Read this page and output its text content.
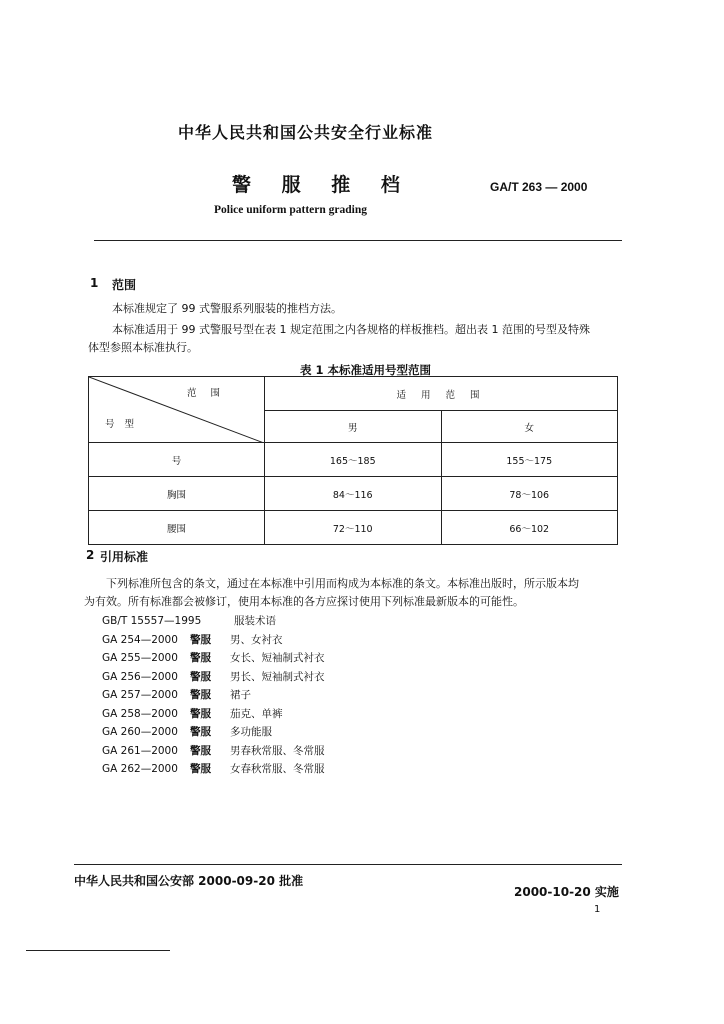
中华人民共和国公共安全行业标准
警 服 推 档	GA/T 263 — 2000
Police uniform pattern grading
1 范围
本标准规定了 99 式警服系列服装的推档方法。
本标准适用于 99 式警服号型在表 1 规定范围之内各规格的样板推档。超出表 1 范围的号型及特殊
体型参照本标准执行。
表 1 本标准适用号型范围
范围
号型	适 用 范 围	
	男	女
号	165～185	155～175
胸围	84～116	78～106
腰围	72～110	66～102
2 引用标准
下列标准所包含的条文，通过在本标准中引用而构成为本标准的条文。本标准出版时，所示版本均
为有效。所有标准都会被修订，使用本标准的各方应探讨使用下列标准最新版本的可能性。
GB/T 15557—1995	服装术语
GA 254—2000	警服	男、女衬衣
GA 255—2000	警服	女长、短袖制式衬衣
GA 256—2000	警服	男长、短袖制式衬衣
GA 257—2000	警服	裙子
GA 258—2000	警服	茄克、单裤
GA 260—2000	警服	多功能服
GA 261—2000	警服	男春秋常服、冬常服
GA 262—2000	警服	女春秋常服、冬常服
中华人民共和国公安部 2000-09-20 批准
2000-10-20 实施
1
